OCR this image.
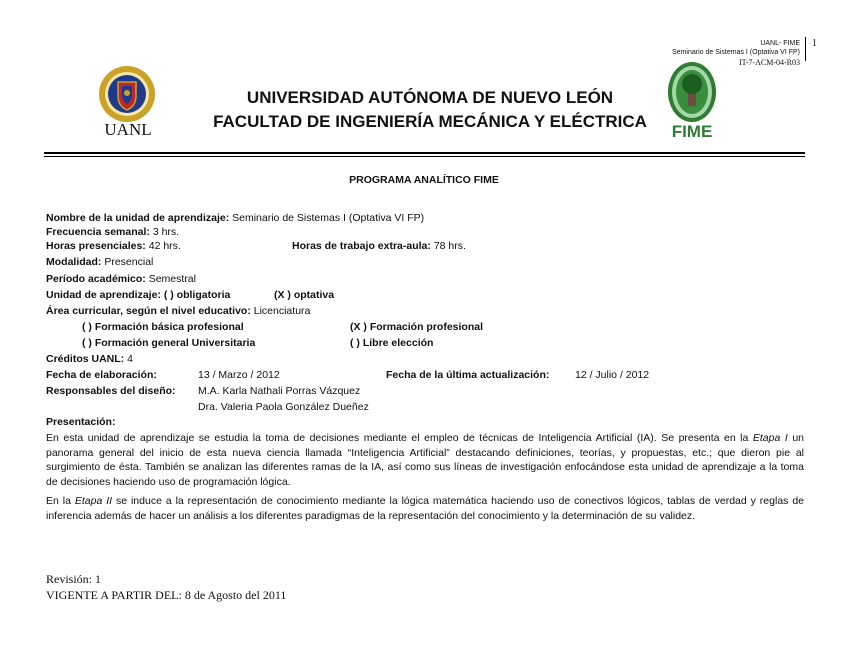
UANL- FIME
Seminario de Sistemas I (Optativa VI FP)
IT-7-ACM-04-R03
1
UANL
UNIVERSIDAD AUTÓNOMA DE NUEVO LEÓN
FACULTAD DE INGENIERÍA MECÁNICA Y ELÉCTRICA
FIME
PROGRAMA ANALÍTICO FIME
Nombre de la unidad de aprendizaje: Seminario de Sistemas I (Optativa VI FP)
Frecuencia semanal: 3 hrs.
Horas presenciales: 42 hrs.	Horas de trabajo extra-aula: 78 hrs.
Modalidad: Presencial
Período académico: Semestral
Unidad de aprendizaje: ( ) obligatoria	(X ) optativa
Área curricular, según el nivel educativo: Licenciatura
( ) Formación básica profesional	(X ) Formación profesional
( ) Formación general Universitaria	( ) Libre elección
Créditos UANL: 4
Fecha de elaboración:	13 / Marzo / 2012	Fecha de la última actualización: 12 / Julio / 2012
Responsables del diseño: M.A. Karla Nathali Porras Vázquez
Dra. Valeria Paola González Dueñez
Presentación:
En esta unidad de aprendizaje se estudia la toma de decisiones mediante el empleo de técnicas de Inteligencia Artificial (IA). Se presenta en la Etapa I un panorama general del inicio de esta nueva ciencia llamada “Inteligencia Artificial” destacando definiciones, teorías, y propuestas, etc.; que dieron pie al surgimiento de ésta. También se analizan las diferentes ramas de la IA, así como sus líneas de investigación enfocándose esta unidad de aprendizaje a la toma de decisiones haciendo uso de programación lógica.
En la Etapa II se induce a la representación de conocimiento mediante la lógica matemática haciendo uso de conectivos lógicos, tablas de verdad y reglas de inferencia además de hacer un análisis a los diferentes paradigmas de la representación del conocimiento y la determinación de su validez.
Revisión: 1
VIGENTE A PARTIR DEL: 8 de Agosto del 2011
